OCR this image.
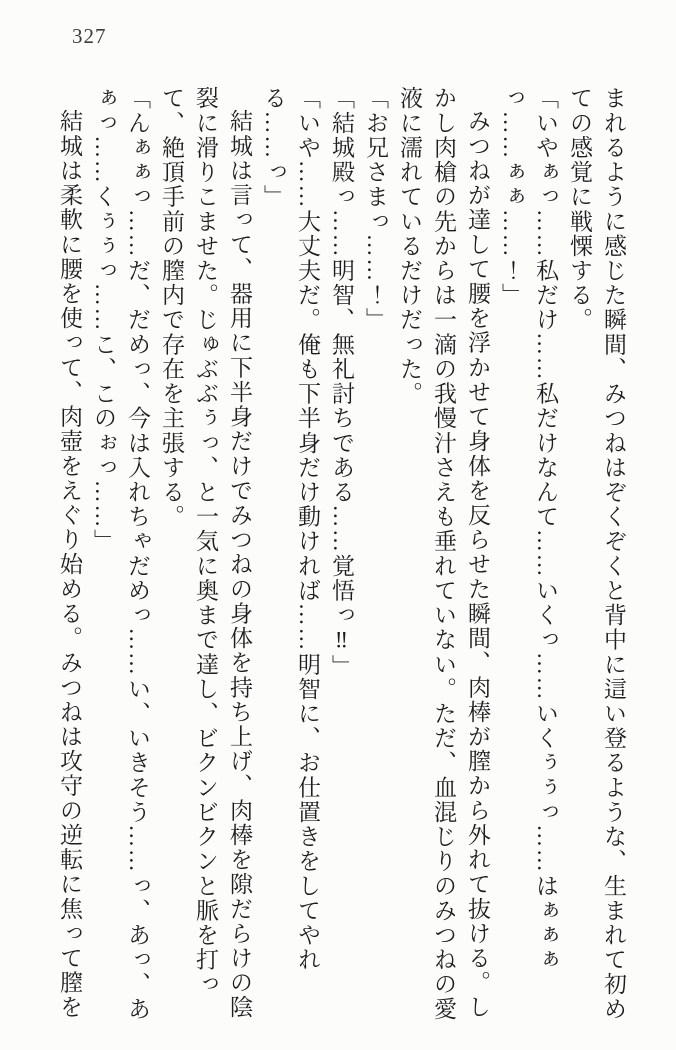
327

まれるように感じた瞬間、みつねはぞくぞくと背中に這い登るような、生まれて初めての感覚に戦慄する。

「いやぁっ……私だけ……私だけなんて……いくっ……いくぅぅっ……はぁぁぁっ……ぁぁ……！」

みつねが達して腰を浮かせて身体を反らせた瞬間、肉棒が膣から外れて抜ける。しかし肉槍の先からは一滴の我慢汁さえも垂れていない。ただ、血混じりのみつねの愛液に濡れているだけだった。

「お兄さまっ……！」

「結城殿っ……明智、無礼討ちである……覚悟っ‼」

「いや……大丈夫だ。俺も下半身だけ動ければ……明智に、お仕置きをしてやれる……っ」

結城は言って、器用に下半身だけでみつねの身体を持ち上げ、肉棒を隙だらけの陰裂に滑りこませた。じゅぶぶぅっ、と一気に奥まで達し、ビクンビクンと脈を打って、絶頂手前の膣内で存在を主張する。

「んぁぁっ……だ、だめっ、今は入れちゃだめっ……い、いきそう……っ、あっ、あぁっ……くぅぅっ……こ、このぉっ……」

結城は柔軟に腰を使って、肉壺をえぐり始める。みつねは攻守の逆転に焦って膣を
